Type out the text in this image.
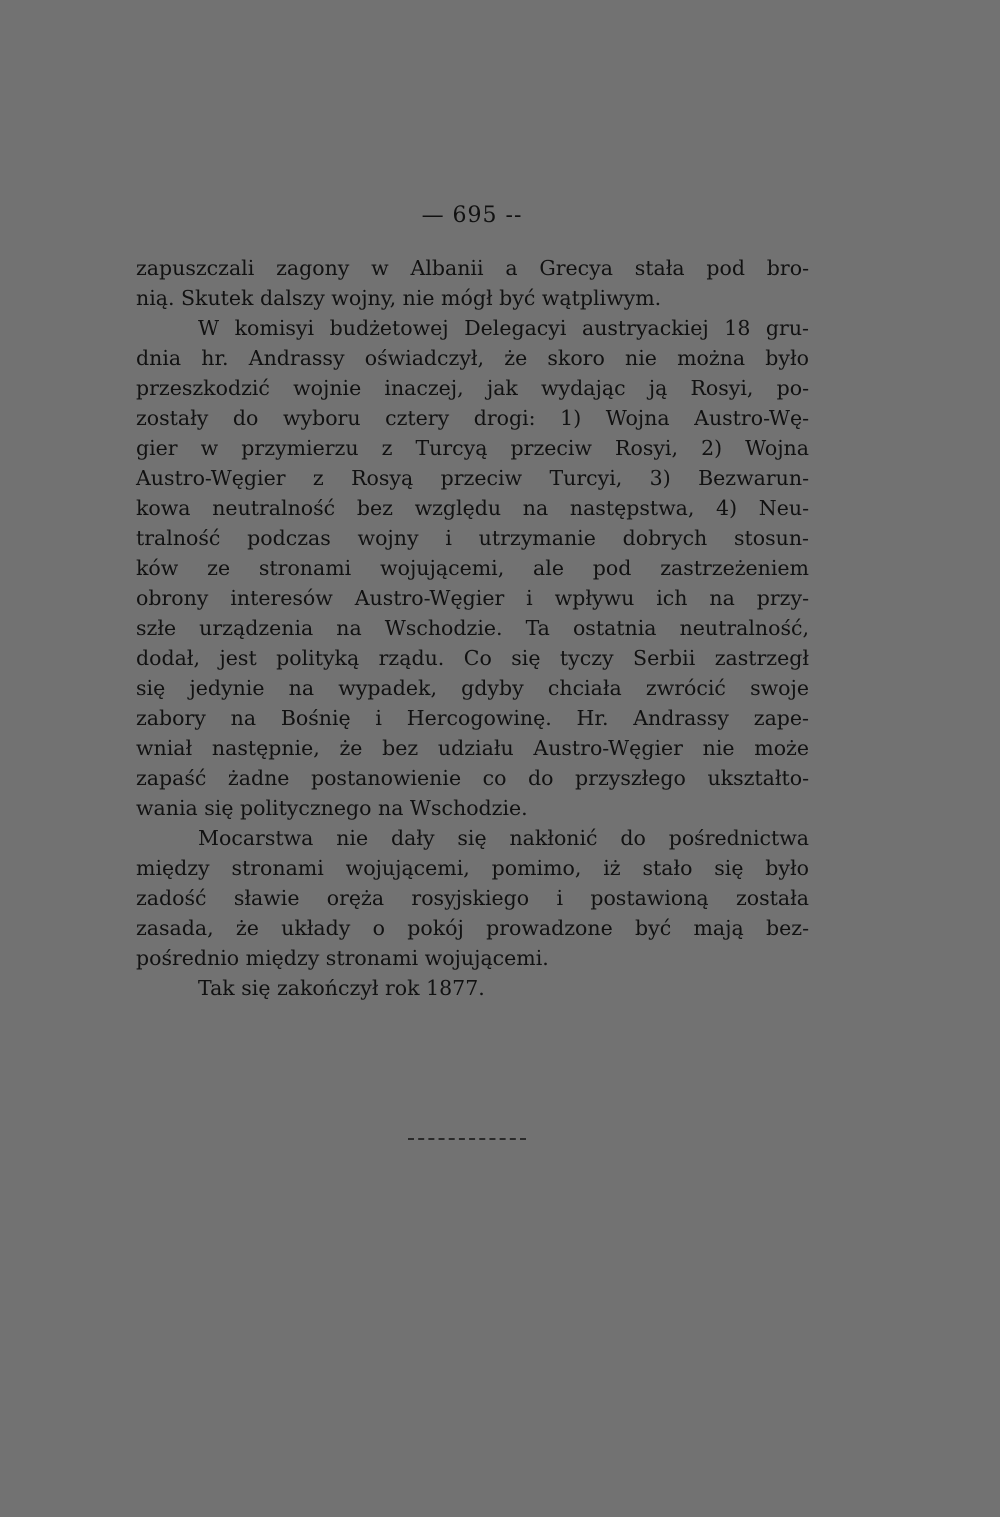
— 695 --
zapuszczali zagony w Albanii a Grecya stała pod bro-
nią. Skutek dalszy wojny, nie mógł być wątpliwym.
W komisyi budżetowej Delegacyi austryackiej 18 gru-
dnia hr. Andrassy oświadczył, że skoro nie można było
przeszkodzić wojnie inaczej, jak wydając ją Rosyi, po-
zostały do wyboru cztery drogi: 1) Wojna Austro-Wę-
gier w przymierzu z Turcyą przeciw Rosyi, 2) Wojna
Austro-Węgier z Rosyą przeciw Turcyi, 3) Bezwarun-
kowa neutralność bez względu na następstwa, 4) Neu-
tralność podczas wojny i utrzymanie dobrych stosun-
ków ze stronami wojującemi, ale pod zastrzeżeniem
obrony interesów Austro-Węgier i wpływu ich na przy-
szłe urządzenia na Wschodzie. Ta ostatnia neutralność,
dodał, jest polityką rządu. Co się tyczy Serbii zastrzegł
się jedynie na wypadek, gdyby chciała zwrócić swoje
zabory na Bośnię i Hercogowinę. Hr. Andrassy zape-
wniał następnie, że bez udziału Austro-Węgier nie może
zapaść żadne postanowienie co do przyszłego ukształto-
wania się politycznego na Wschodzie.
Mocarstwa nie dały się nakłonić do pośrednictwa
między stronami wojującemi, pomimo, iż stało się było
zadość sławie oręża rosyjskiego i postawioną została
zasada, że układy o pokój prowadzone być mają bez-
pośrednio między stronami wojującemi.
Tak się zakończył rok 1877.
